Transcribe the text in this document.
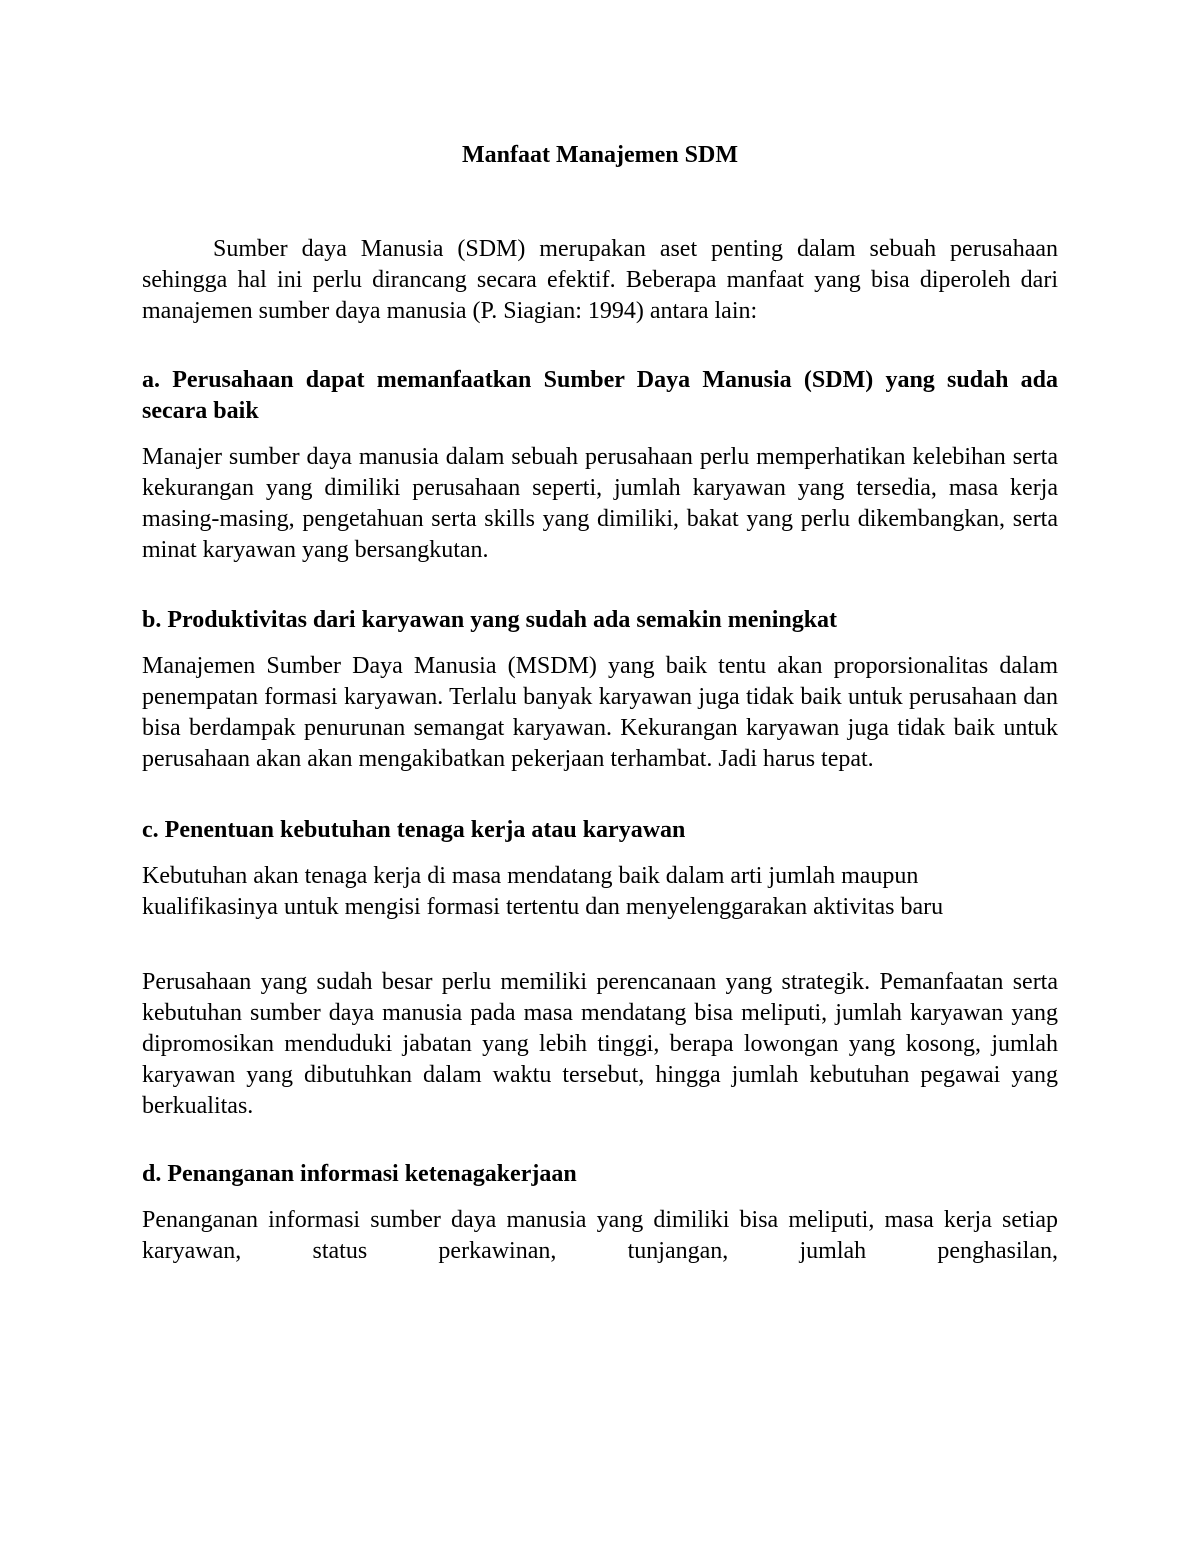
Manfaat Manajemen SDM

Sumber daya Manusia (SDM) merupakan aset penting dalam sebuah perusahaan sehingga hal ini perlu dirancang secara efektif. Beberapa manfaat yang bisa diperoleh dari manajemen sumber daya manusia (P. Siagian: 1994) antara lain:

a. Perusahaan dapat memanfaatkan Sumber Daya Manusia (SDM) yang sudah ada secara baik

Manajer sumber daya manusia dalam sebuah perusahaan perlu memperhatikan kelebihan serta kekurangan yang dimiliki perusahaan seperti, jumlah karyawan yang tersedia, masa kerja masing-masing, pengetahuan serta skills yang dimiliki, bakat yang perlu dikembangkan, serta minat karyawan yang bersangkutan.

b. Produktivitas dari karyawan yang sudah ada semakin meningkat

Manajemen Sumber Daya Manusia (MSDM) yang baik tentu akan proporsionalitas dalam penempatan formasi karyawan. Terlalu banyak karyawan juga tidak baik untuk perusahaan dan bisa berdampak penurunan semangat karyawan. Kekurangan karyawan juga tidak baik untuk perusahaan akan akan mengakibatkan pekerjaan terhambat. Jadi harus tepat.

c. Penentuan kebutuhan tenaga kerja atau karyawan

Kebutuhan akan tenaga kerja di masa mendatang baik dalam arti jumlah maupun kualifikasinya untuk mengisi formasi tertentu dan menyelenggarakan aktivitas baru

Perusahaan yang sudah besar perlu memiliki perencanaan yang strategik. Pemanfaatan serta kebutuhan sumber daya manusia pada masa mendatang bisa meliputi, jumlah karyawan yang dipromosikan menduduki jabatan yang lebih tinggi, berapa lowongan yang kosong, jumlah karyawan yang dibutuhkan dalam waktu tersebut, hingga jumlah kebutuhan pegawai yang berkualitas.

d. Penanganan informasi ketenagakerjaan

Penanganan informasi sumber daya manusia yang dimiliki bisa meliputi, masa kerja setiap karyawan, status perkawinan, tunjangan, jumlah penghasilan,
